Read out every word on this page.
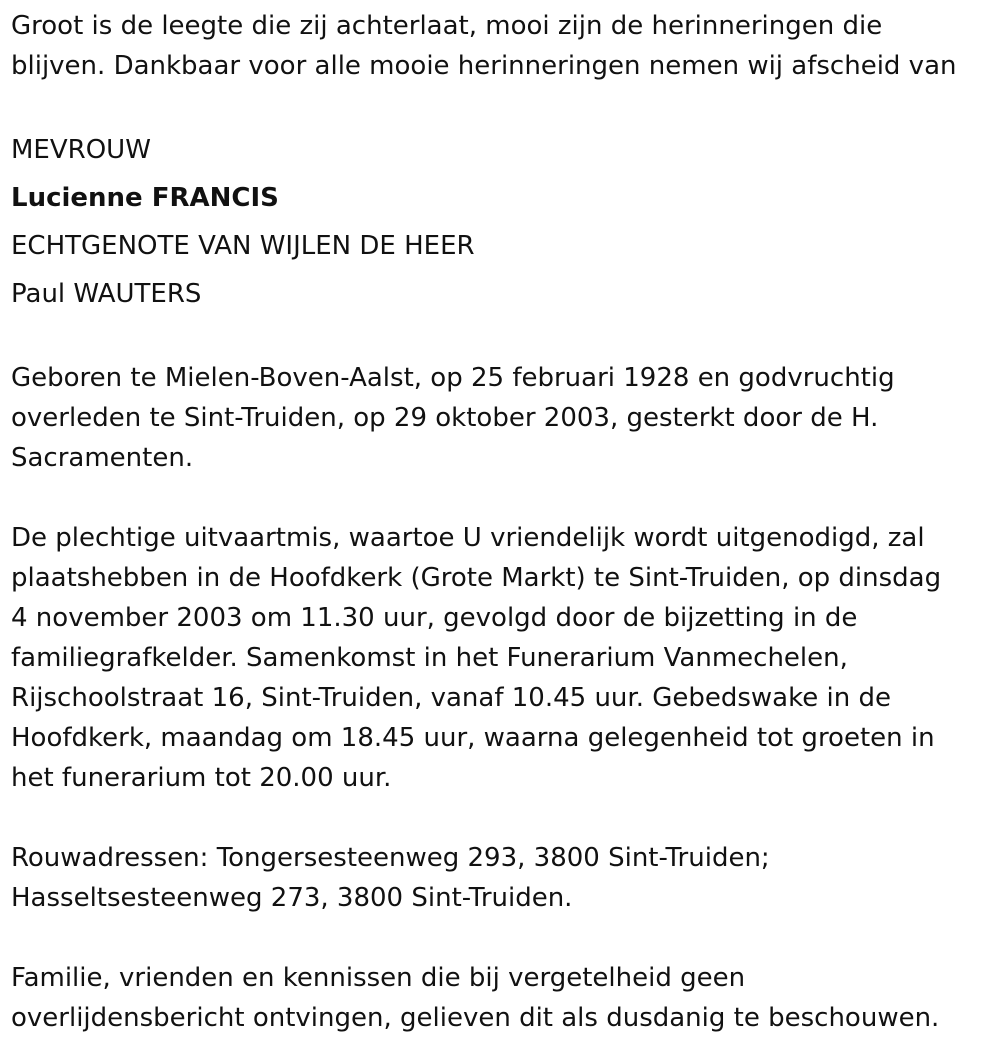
Groot is de leegte die zij achterlaat, mooi zijn de herinneringen die
blijven. Dankbaar voor alle mooie herinneringen nemen wij afscheid van

MEVROUW
Lucienne FRANCIS
ECHTGENOTE VAN WIJLEN DE HEER
Paul WAUTERS

Geboren te Mielen-Boven-Aalst, op 25 februari 1928 en godvruchtig
overleden te Sint-Truiden, op 29 oktober 2003, gesterkt door de H.
Sacramenten.

De plechtige uitvaartmis, waartoe U vriendelijk wordt uitgenodigd, zal
plaatshebben in de Hoofdkerk (Grote Markt) te Sint-Truiden, op dinsdag
4 november 2003 om 11.30 uur, gevolgd door de bijzetting in de
familiegrafkelder. Samenkomst in het Funerarium Vanmechelen,
Rijschoolstraat 16, Sint-Truiden, vanaf 10.45 uur. Gebedswake in de
Hoofdkerk, maandag om 18.45 uur, waarna gelegenheid tot groeten in
het funerarium tot 20.00 uur.

Rouwadressen: Tongersesteenweg 293, 3800 Sint-Truiden;
Hasseltsesteenweg 273, 3800 Sint-Truiden.

Familie, vrienden en kennissen die bij vergetelheid geen
overlijdensbericht ontvingen, gelieven dit als dusdanig te beschouwen.
